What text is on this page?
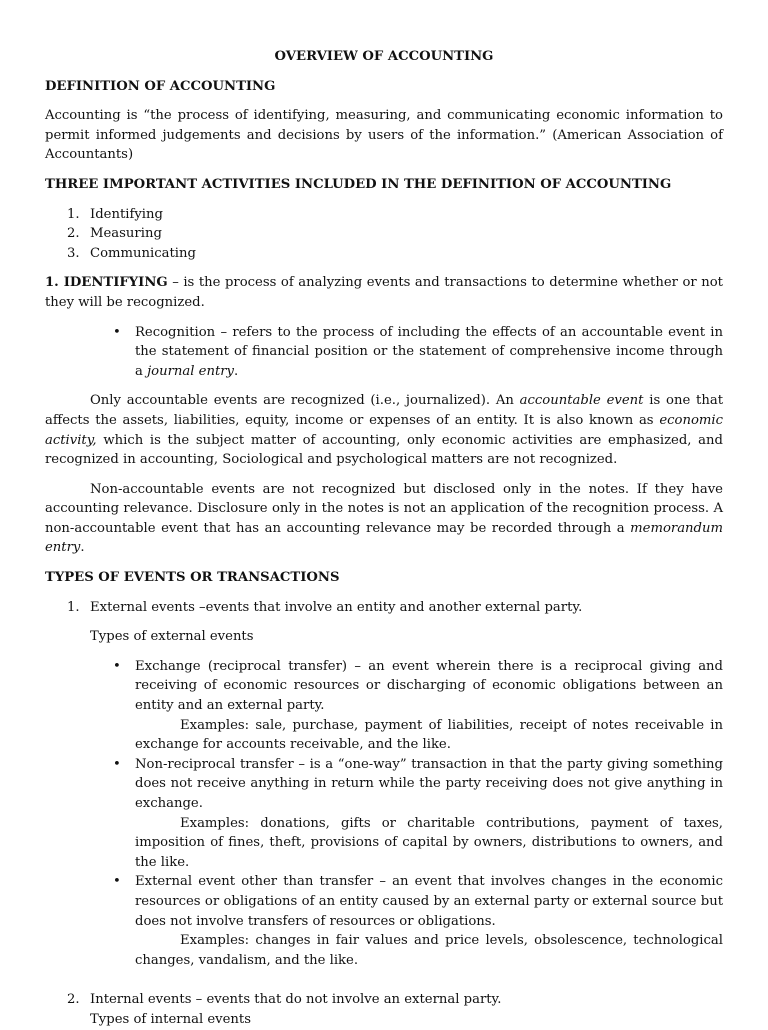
OVERVIEW OF ACCOUNTING

DEFINITION OF ACCOUNTING

Accounting is “the process of identifying, measuring, and communicating economic information to permit informed judgements and decisions by users of the information.” (American Association of Accountants)

THREE IMPORTANT ACTIVITIES INCLUDED IN THE DEFINITION OF ACCOUNTING

1. Identifying
2. Measuring
3. Communicating

1. IDENTIFYING – is the process of analyzing events and transactions to determine whether or not they will be recognized.

• Recognition – refers to the process of including the effects of an accountable event in the statement of financial position or the statement of comprehensive income through a journal entry.

Only accountable events are recognized (i.e., journalized). An accountable event is one that affects the assets, liabilities, equity, income or expenses of an entity. It is also known as economic activity, which is the subject matter of accounting, only economic activities are emphasized, and recognized in accounting, Sociological and psychological matters are not recognized.

Non-accountable events are not recognized but disclosed only in the notes. If they have accounting relevance. Disclosure only in the notes is not an application of the recognition process. A non-accountable event that has an accounting relevance may be recorded through a memorandum entry.

TYPES OF EVENTS OR TRANSACTIONS

1. External events –events that involve an entity and another external party.

Types of external events

• Exchange (reciprocal transfer) – an event wherein there is a reciprocal giving and receiving of economic resources or discharging of economic obligations between an entity and an external party.

Examples: sale, purchase, payment of liabilities, receipt of notes receivable in exchange for accounts receivable, and the like.

• Non-reciprocal transfer – is a “one-way” transaction in that the party giving something does not receive anything in return while the party receiving does not give anything in exchange.

Examples: donations, gifts or charitable contributions, payment of taxes, imposition of fines, theft, provisions of capital by owners, distributions to owners, and the like.

• External event other than transfer – an event that involves changes in the economic resources or obligations of an entity caused by an external party or external source but does not involve transfers of resources or obligations.

Examples: changes in fair values and price levels, obsolescence, technological changes, vandalism, and the like.

2. Internal events – events that do not involve an external party.

Types of internal events
